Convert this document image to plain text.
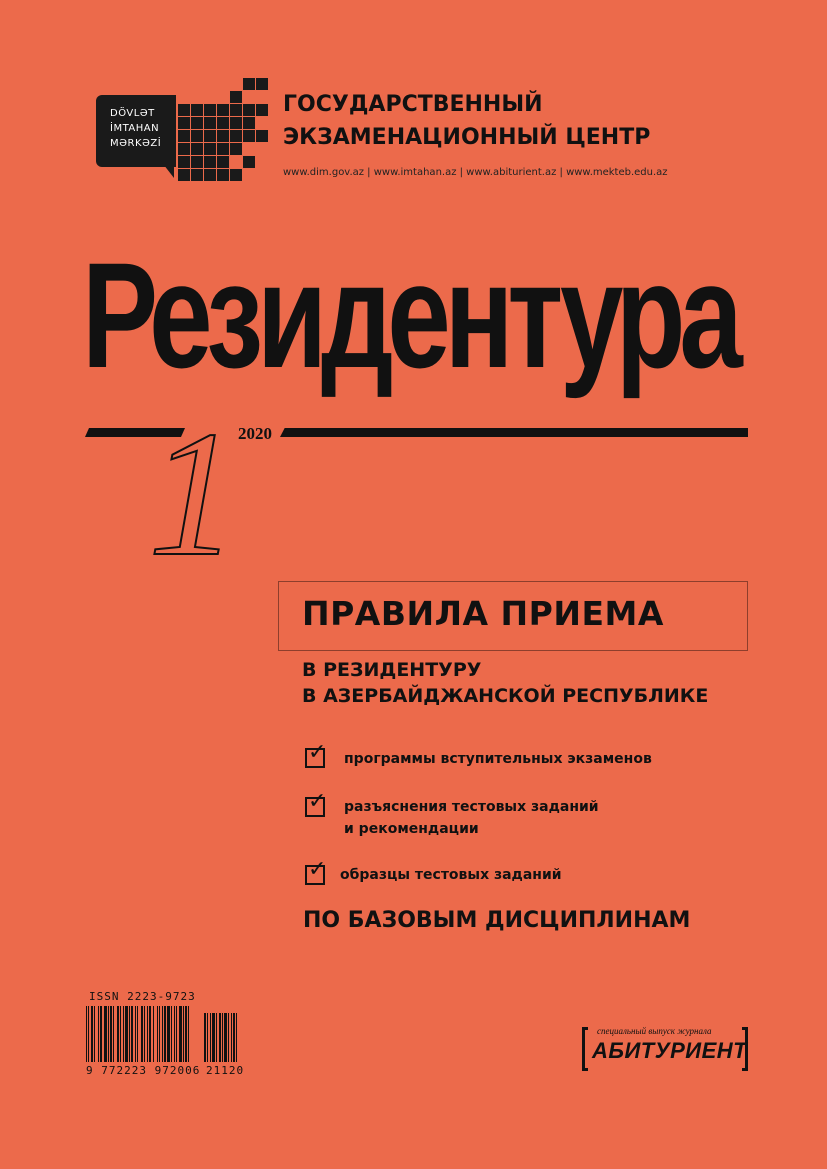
DÖVLƏT
İMTAHAN
MƏRKƏZİ
ГОСУДАРСТВЕННЫЙ
ЭКЗАМЕНАЦИОННЫЙ ЦЕНТР
www.dim.gov.az | www.imtahan.az | www.abiturient.az | www.mekteb.edu.az
Резидентура
1 2020
ПРАВИЛА ПРИЕМА
В РЕЗИДЕНТУРУ
В АЗЕРБАЙДЖАНСКОЙ РЕСПУБЛИКЕ
✓ программы вступительных экзаменов
✓ разъяснения тестовых заданий
и рекомендации
✓ образцы тестовых заданий
ПО БАЗОВЫМ ДИСЦИПЛИНАМ
ISSN 2223-9723
9 772223 972006 21120
специальный выпуск журнала
АБИТУРИЕНТ
